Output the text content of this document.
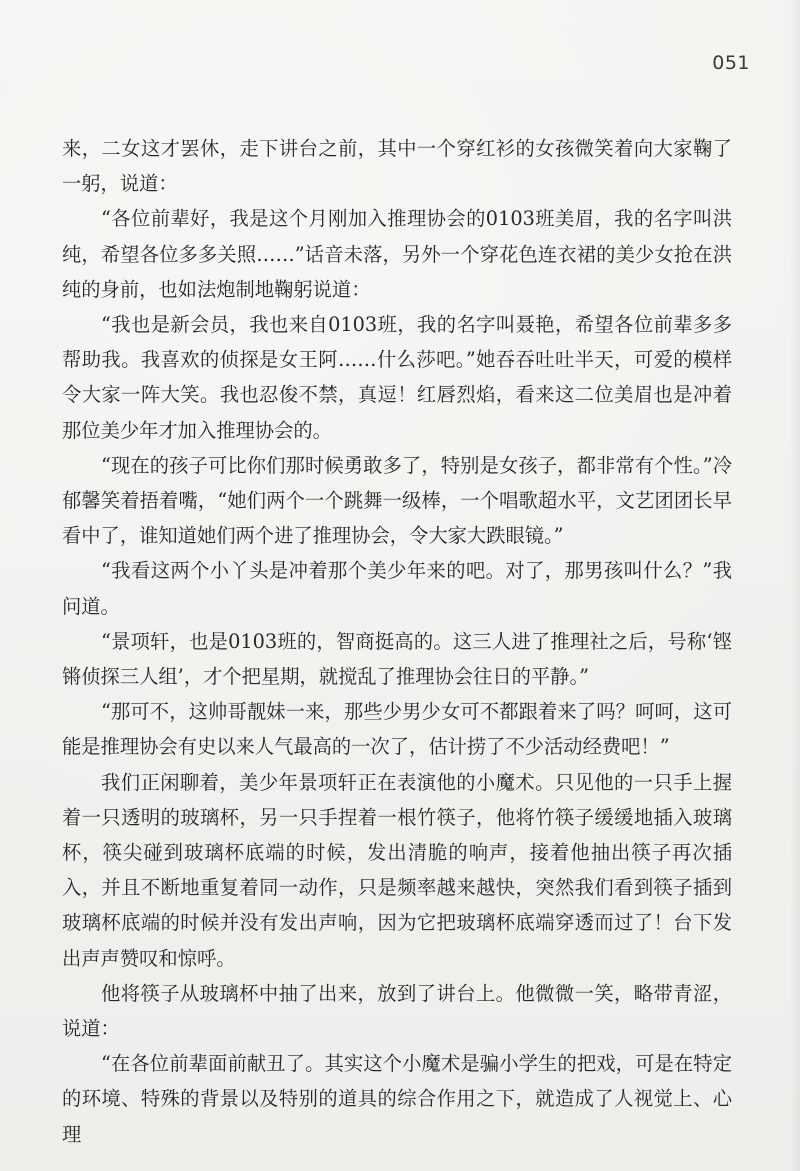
051

来，二女这才罢休，走下讲台之前，其中一个穿红衫的女孩微笑着向大家鞠了一躬，说道：

“各位前辈好，我是这个月刚加入推理协会的0103班美眉，我的名字叫洪纯，希望各位多多关照……”话音未落，另外一个穿花色连衣裙的美少女抢在洪纯的身前，也如法炮制地鞠躬说道：

“我也是新会员，我也来自0103班，我的名字叫聂艳，希望各位前辈多多帮助我。我喜欢的侦探是女王阿……什么莎吧。”她吞吞吐吐半天，可爱的模样令大家一阵大笑。我也忍俊不禁，真逗！红唇烈焰，看来这二位美眉也是冲着那位美少年才加入推理协会的。

“现在的孩子可比你们那时候勇敢多了，特别是女孩子，都非常有个性。”冷郁馨笑着捂着嘴，“她们两个一个跳舞一级棒，一个唱歌超水平，文艺团团长早看中了，谁知道她们两个进了推理协会，令大家大跌眼镜。”

“我看这两个小丫头是冲着那个美少年来的吧。对了，那男孩叫什么？”我问道。

“景项轩，也是0103班的，智商挺高的。这三人进了推理社之后，号称‘铿锵侦探三人组’，才个把星期，就搅乱了推理协会往日的平静。”

“那可不，这帅哥靓妹一来，那些少男少女可不都跟着来了吗？呵呵，这可能是推理协会有史以来人气最高的一次了，估计捞了不少活动经费吧！”

我们正闲聊着，美少年景项轩正在表演他的小魔术。只见他的一只手上握着一只透明的玻璃杯，另一只手捏着一根竹筷子，他将竹筷子缓缓地插入玻璃杯，筷尖碰到玻璃杯底端的时候，发出清脆的响声，接着他抽出筷子再次插入，并且不断地重复着同一动作，只是频率越来越快，突然我们看到筷子插到玻璃杯底端的时候并没有发出声响，因为它把玻璃杯底端穿透而过了！台下发出声声赞叹和惊呼。

他将筷子从玻璃杯中抽了出来，放到了讲台上。他微微一笑，略带青涩，说道：

“在各位前辈面前献丑了。其实这个小魔术是骗小学生的把戏，可是在特定的环境、特殊的背景以及特别的道具的综合作用之下，就造成了人视觉上、心理
